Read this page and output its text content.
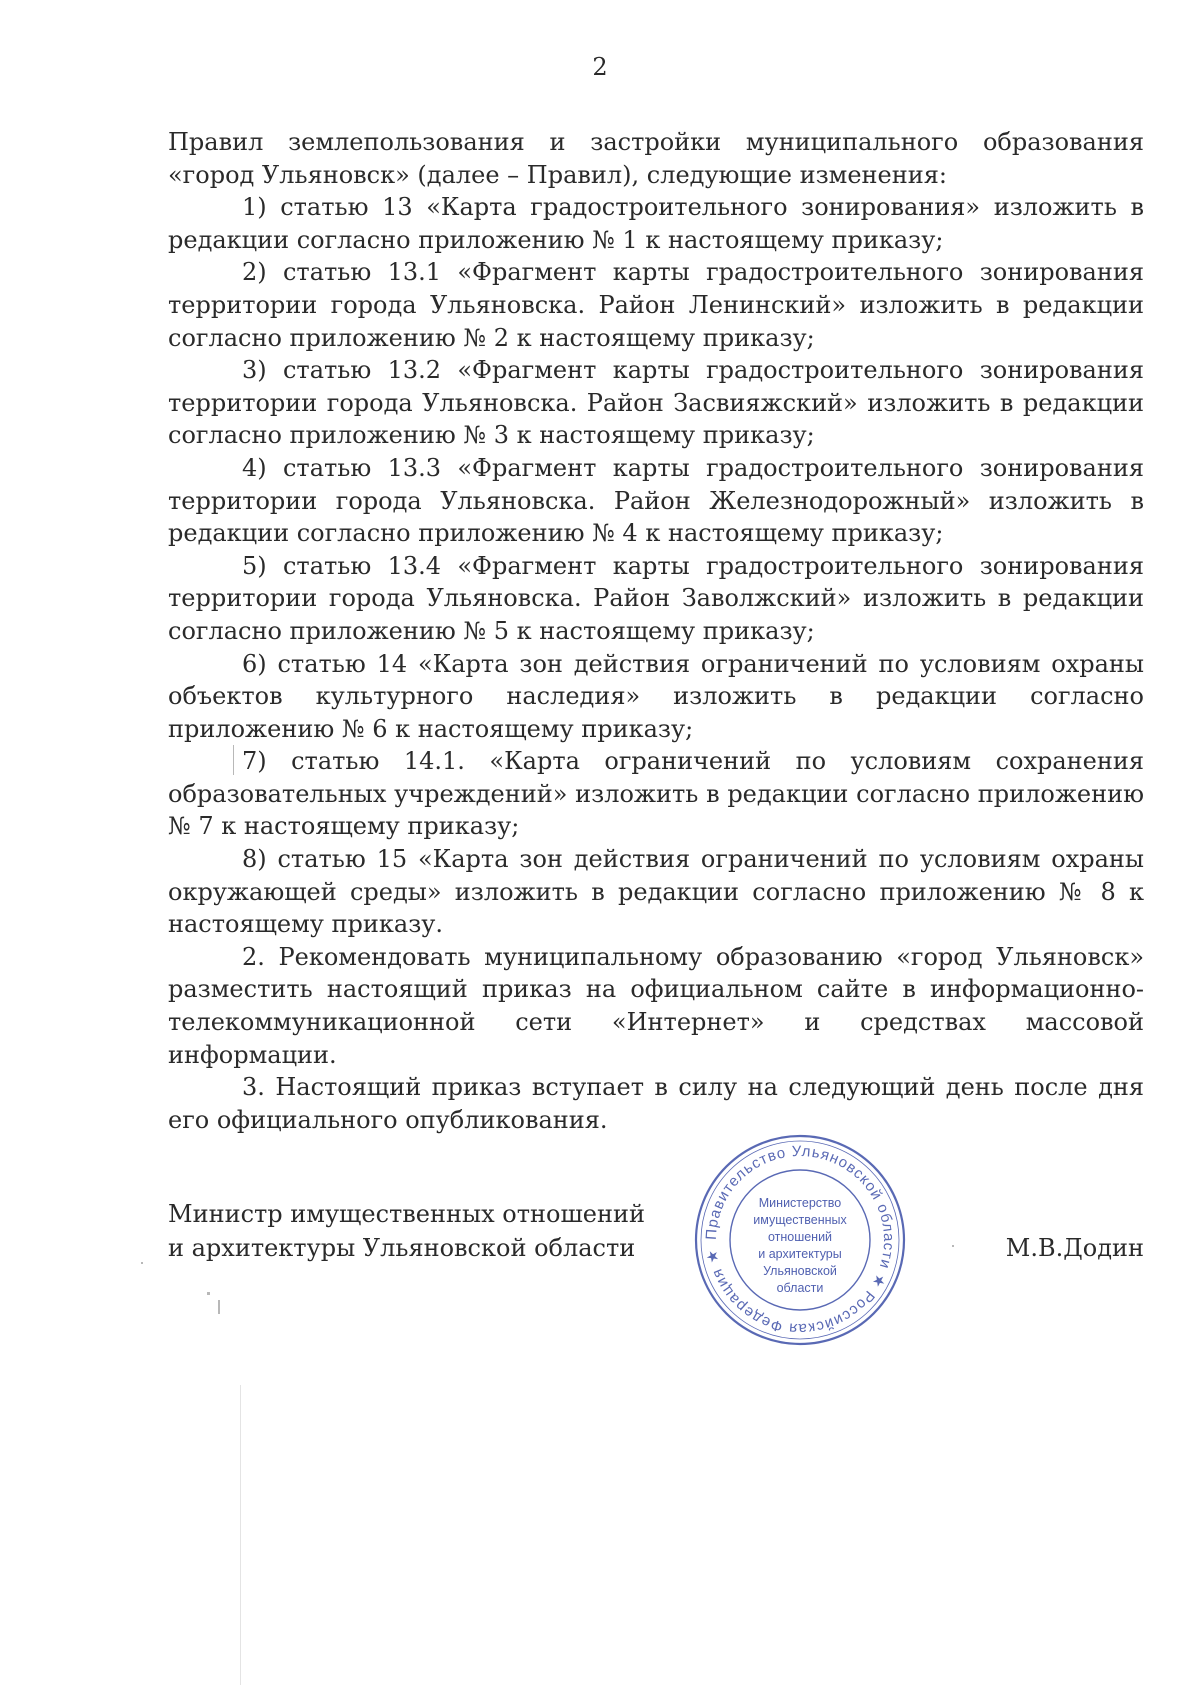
2

Правил землепользования и застройки муниципального образования «город Ульяновск» (далее – Правил), следующие изменения:

1) статью 13 «Карта градостроительного зонирования» изложить в редакции согласно приложению № 1 к настоящему приказу;

2) статью 13.1 «Фрагмент карты градостроительного зонирования территории города Ульяновска. Район Ленинский» изложить в редакции согласно приложению № 2 к настоящему приказу;

3) статью 13.2 «Фрагмент карты градостроительного зонирования территории города Ульяновска. Район Засвияжский» изложить в редакции согласно приложению № 3 к настоящему приказу;

4) статью 13.3 «Фрагмент карты градостроительного зонирования территории города Ульяновска. Район Железнодорожный» изложить в редакции согласно приложению № 4 к настоящему приказу;

5) статью 13.4 «Фрагмент карты градостроительного зонирования территории города Ульяновска. Район Заволжский» изложить в редакции согласно приложению № 5 к настоящему приказу;

6) статью 14 «Карта зон действия ограничений по условиям охраны объектов культурного наследия» изложить в редакции согласно приложению № 6 к настоящему приказу;

7) статью 14.1. «Карта ограничений по условиям сохранения образовательных учреждений» изложить в редакции согласно приложению № 7 к настоящему приказу;

8) статью 15 «Карта зон действия ограничений по условиям охраны окружающей среды» изложить в редакции согласно приложению № 8 к настоящему приказу.

2. Рекомендовать муниципальному образованию «город Ульяновск» разместить настоящий приказ на официальном сайте в информационно-телекоммуникационной сети «Интернет» и средствах массовой информации.

3. Настоящий приказ вступает в силу на следующий день после дня его официального опубликования.

Министр имущественных отношений
и архитектуры Ульяновской области	М.В.Додин
Правительство Ульяновской области ★ Российская Федерация ★
Министерство
имущественных
отношений
и архитектуры
Ульяновской
области
